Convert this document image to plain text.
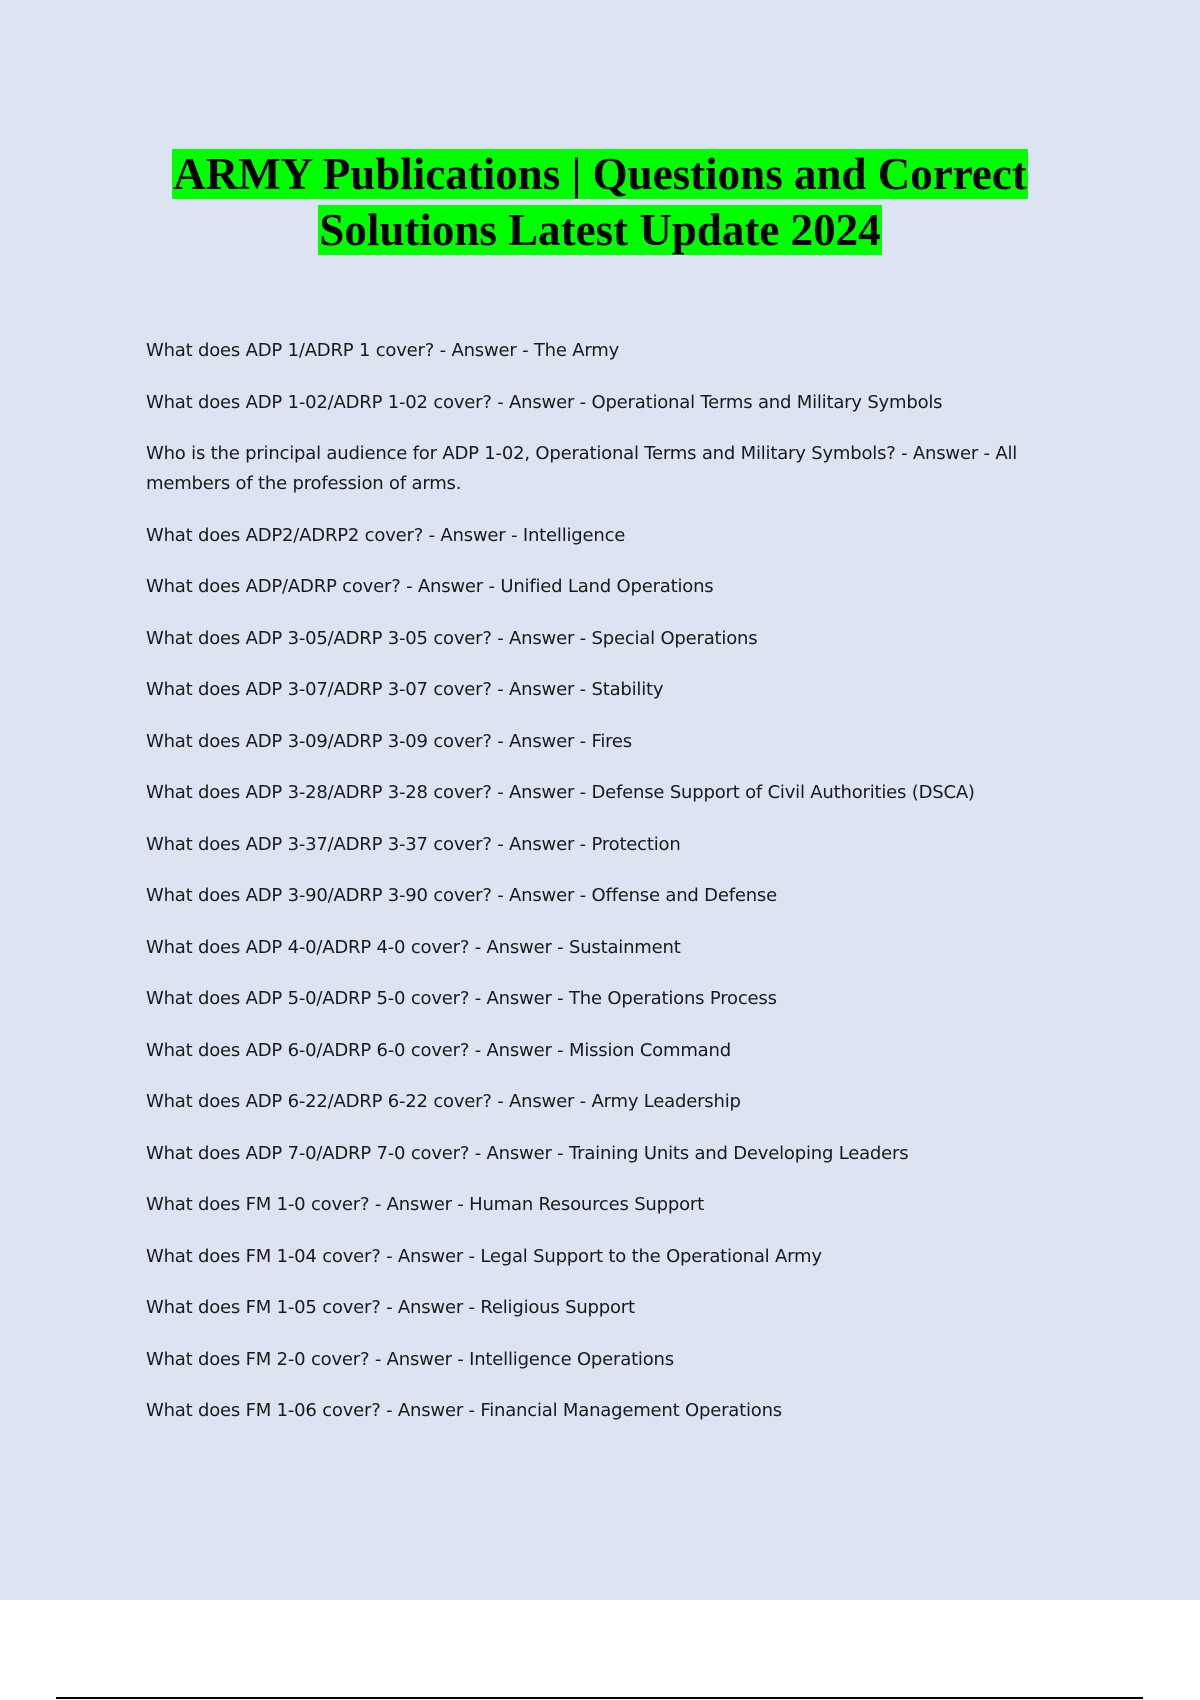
ARMY Publications | Questions and Correct
Solutions Latest Update 2024
What does ADP 1/ADRP 1 cover? - Answer - The Army
What does ADP 1-02/ADRP 1-02 cover? - Answer - Operational Terms and Military Symbols
Who is the principal audience for ADP 1-02, Operational Terms and Military Symbols? - Answer - All members of the profession of arms.
What does ADP2/ADRP2 cover? - Answer - Intelligence
What does ADP/ADRP cover? - Answer - Unified Land Operations
What does ADP 3-05/ADRP 3-05 cover? - Answer - Special Operations
What does ADP 3-07/ADRP 3-07 cover? - Answer - Stability
What does ADP 3-09/ADRP 3-09 cover? - Answer - Fires
What does ADP 3-28/ADRP 3-28 cover? - Answer - Defense Support of Civil Authorities (DSCA)
What does ADP 3-37/ADRP 3-37 cover? - Answer - Protection
What does ADP 3-90/ADRP 3-90 cover? - Answer - Offense and Defense
What does ADP 4-0/ADRP 4-0 cover? - Answer - Sustainment
What does ADP 5-0/ADRP 5-0 cover? - Answer - The Operations Process
What does ADP 6-0/ADRP 6-0 cover? - Answer - Mission Command
What does ADP 6-22/ADRP 6-22 cover? - Answer - Army Leadership
What does ADP 7-0/ADRP 7-0 cover? - Answer - Training Units and Developing Leaders
What does FM 1-0 cover? - Answer - Human Resources Support
What does FM 1-04 cover? - Answer - Legal Support to the Operational Army
What does FM 1-05 cover? - Answer - Religious Support
What does FM 2-0 cover? - Answer - Intelligence Operations
What does FM 1-06 cover? - Answer - Financial Management Operations
